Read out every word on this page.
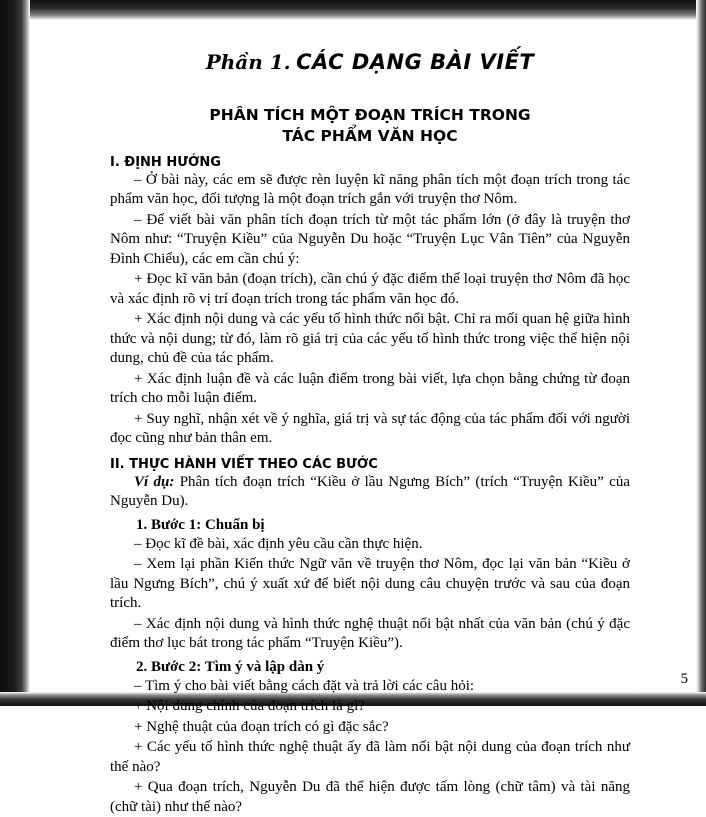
Phần 1. CÁC DẠNG BÀI VIẾT
PHÂN TÍCH MỘT ĐOẠN TRÍCH TRONG
TÁC PHẨM VĂN HỌC
I. ĐỊNH HƯỚNG

– Ở bài này, các em sẽ được rèn luyện kĩ năng phân tích một đoạn trích trong tác phẩm văn học, đối tượng là một đoạn trích gắn với truyện thơ Nôm.

– Để viết bài văn phân tích đoạn trích từ một tác phẩm lớn (ở đây là truyện thơ Nôm như: “Truyện Kiều” của Nguyễn Du hoặc “Truyện Lục Vân Tiên” của Nguyễn Đình Chiểu), các em cần chú ý:

+ Đọc kĩ văn bản (đoạn trích), cần chú ý đặc điểm thể loại truyện thơ Nôm đã học và xác định rõ vị trí đoạn trích trong tác phẩm văn học đó.

+ Xác định nội dung và các yếu tố hình thức nổi bật. Chỉ ra mối quan hệ giữa hình thức và nội dung; từ đó, làm rõ giá trị của các yếu tố hình thức trong việc thể hiện nội dung, chủ đề của tác phẩm.

+ Xác định luận đề và các luận điểm trong bài viết, lựa chọn bằng chứng từ đoạn trích cho mỗi luận điểm.

+ Suy nghĩ, nhận xét về ý nghĩa, giá trị và sự tác động của tác phẩm đối với người đọc cũng như bản thân em.

II. THỰC HÀNH VIẾT THEO CÁC BƯỚC

Ví dụ: Phân tích đoạn trích “Kiều ở lầu Ngưng Bích” (trích “Truyện Kiều” của Nguyễn Du).

1. Bước 1: Chuẩn bị

– Đọc kĩ đề bài, xác định yêu cầu cần thực hiện.

– Xem lại phần Kiến thức Ngữ văn về truyện thơ Nôm, đọc lại văn bản “Kiều ở lầu Ngưng Bích”, chú ý xuất xứ để biết nội dung câu chuyện trước và sau của đoạn trích.

– Xác định nội dung và hình thức nghệ thuật nổi bật nhất của văn bản (chú ý đặc điểm thơ lục bát trong tác phẩm “Truyện Kiều”).

2. Bước 2: Tìm ý và lập dàn ý

– Tìm ý cho bài viết bằng cách đặt và trả lời các câu hỏi:

+ Nội dung chính của đoạn trích là gì?

+ Nghệ thuật của đoạn trích có gì đặc sắc?

+ Các yếu tố hình thức nghệ thuật ấy đã làm nổi bật nội dung của đoạn trích như thế nào?

+ Qua đoạn trích, Nguyễn Du đã thể hiện được tấm lòng (chữ tâm) và tài năng (chữ tài) như thế nào?

5
